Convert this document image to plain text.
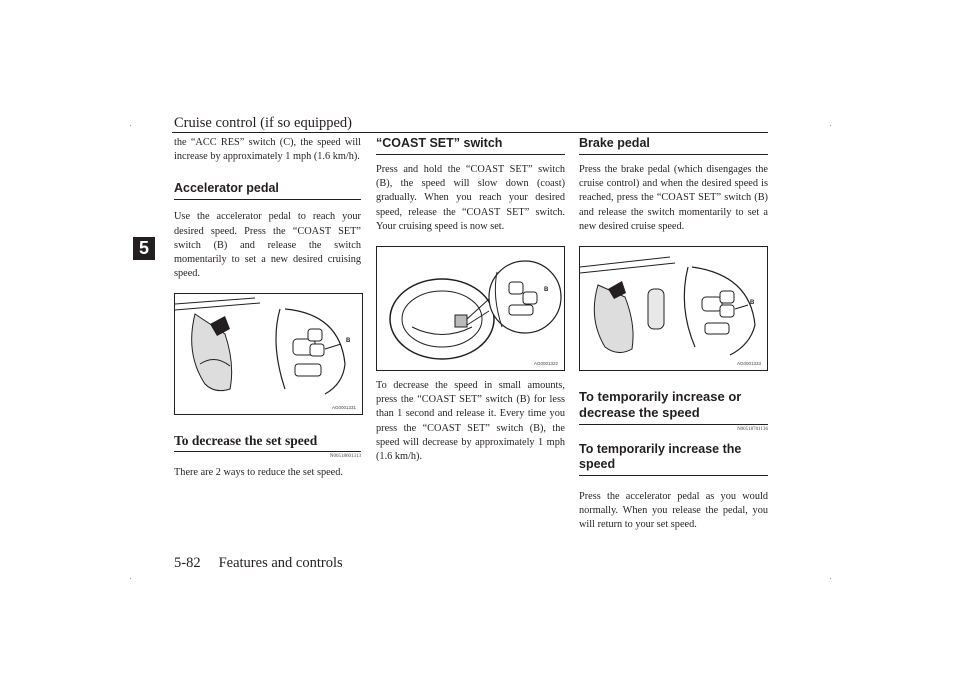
Cruise control (if so equipped)
5

the “ACC RES” switch (C), the speed will increase by approximately 1 mph (1.6 km/h).

Accelerator pedal

Use the accelerator pedal to reach your desired speed. Press the “COAST SET” switch (B) and release the switch momentarily to set a new desired cruising speed.

B
AG0001331
To decrease the set speed
N00518601313

There are 2 ways to reduce the set speed.

“COAST SET” switch

Press and hold the “COAST SET” switch (B), the speed will slow down (coast) gradually. When you reach your desired speed, release the “COAST SET” switch. Your cruising speed is now set.

B
AG0001322

To decrease the speed in small amounts, press the “COAST SET” switch (B) for less than 1 second and release it. Every time you press the “COAST SET” switch (B), the speed will decrease by approximately 1 mph (1.6 km/h).

Brake pedal

Press the brake pedal (which disengages the cruise control) and when the desired speed is reached, press the “COAST SET” switch (B) and release the switch momentarily to set a new desired cruise speed.

B
AG0001333
To temporarily increase or decrease the speed
N00518701136
To temporarily increase the speed

Press the accelerator pedal as you would normally. When you release the pedal, you will return to your set speed.

5-82 Features and controls
